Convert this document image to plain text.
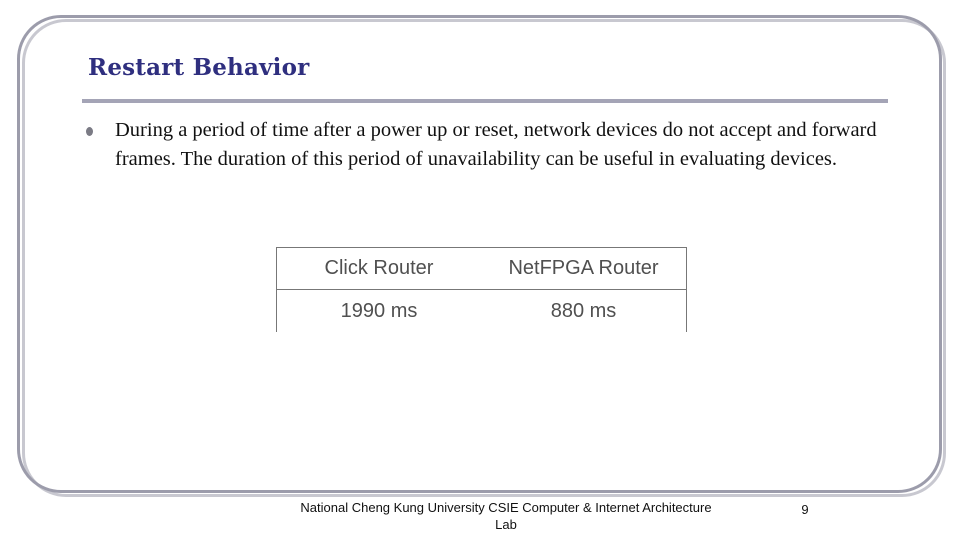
Restart Behavior

During a period of time after a power up or reset, network devices do not accept and forward frames. The duration of this period of unavailability can be useful in evaluating devices.

Click Router	NetFPGA Router
1990 ms	880 ms

National Cheng Kung University CSIE Computer & Internet Architecture Lab

9
